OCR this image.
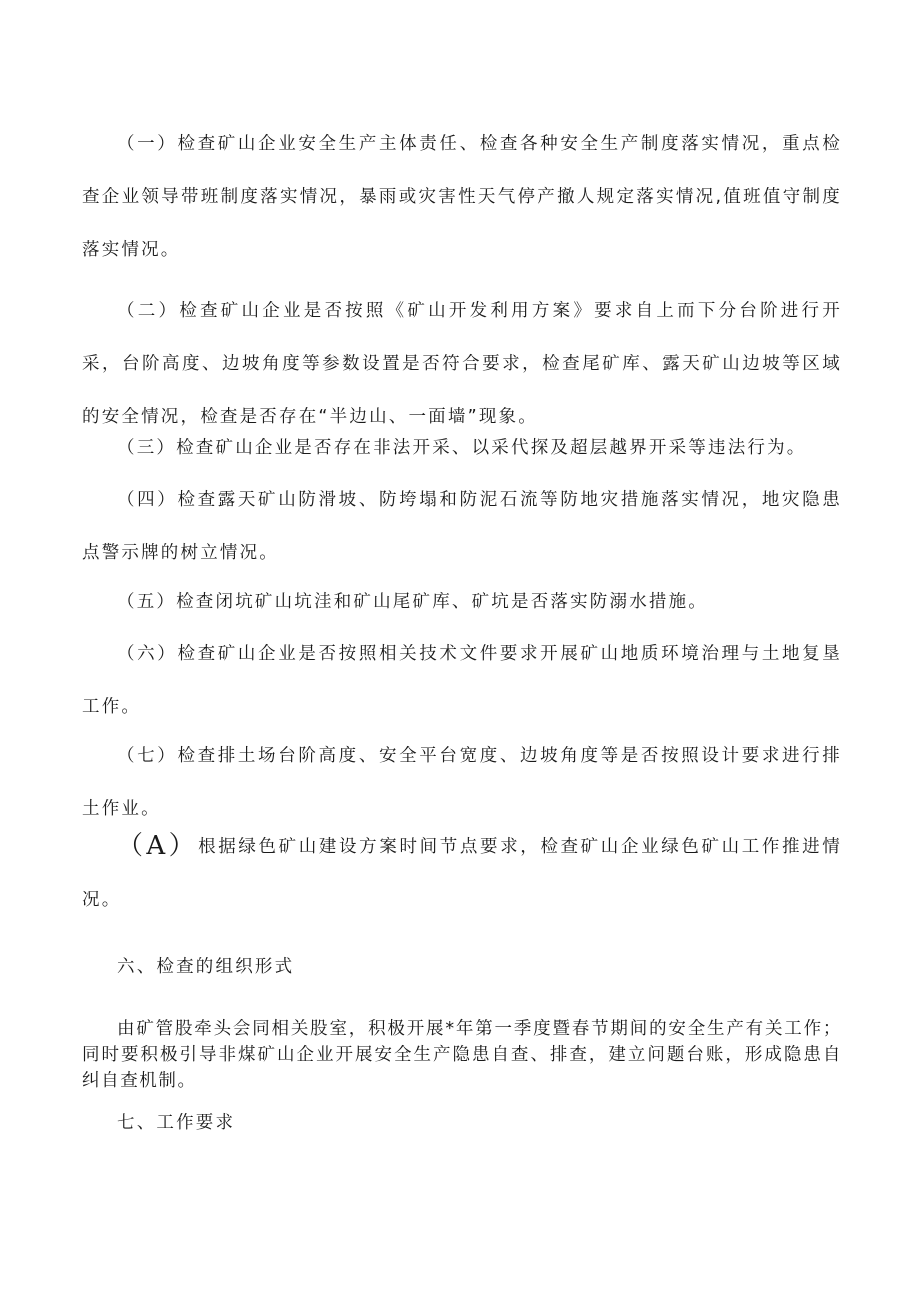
（一）检查矿山企业安全生产主体责任、检查各种安全生产制度落实情况，重点检查企业领导带班制度落实情况，暴雨或灾害性天气停产撤人规定落实情况,值班值守制度落实情况。

（二）检查矿山企业是否按照《矿山开发利用方案》要求自上而下分台阶进行开采，台阶高度、边坡角度等参数设置是否符合要求，检查尾矿库、露天矿山边坡等区域的安全情况，检查是否存在“半边山、一面墙”现象。

（三）检查矿山企业是否存在非法开采、以采代探及超层越界开采等违法行为。

（四）检查露天矿山防滑坡、防垮塌和防泥石流等防地灾措施落实情况，地灾隐患点警示牌的树立情况。

（五）检查闭坑矿山坑洼和矿山尾矿库、矿坑是否落实防溺水措施。

（六）检查矿山企业是否按照相关技术文件要求开展矿山地质环境治理与土地复垦工作。

（七）检查排土场台阶高度、安全平台宽度、边坡角度等是否按照设计要求进行排土作业。

（A）根据绿色矿山建设方案时间节点要求，检查矿山企业绿色矿山工作推进情况。

六、检查的组织形式

由矿管股牵头会同相关股室，积极开展*年第一季度暨春节期间的安全生产有关工作；同时要积极引导非煤矿山企业开展安全生产隐患自查、排查，建立问题台账，形成隐患自纠自查机制。

七、工作要求
